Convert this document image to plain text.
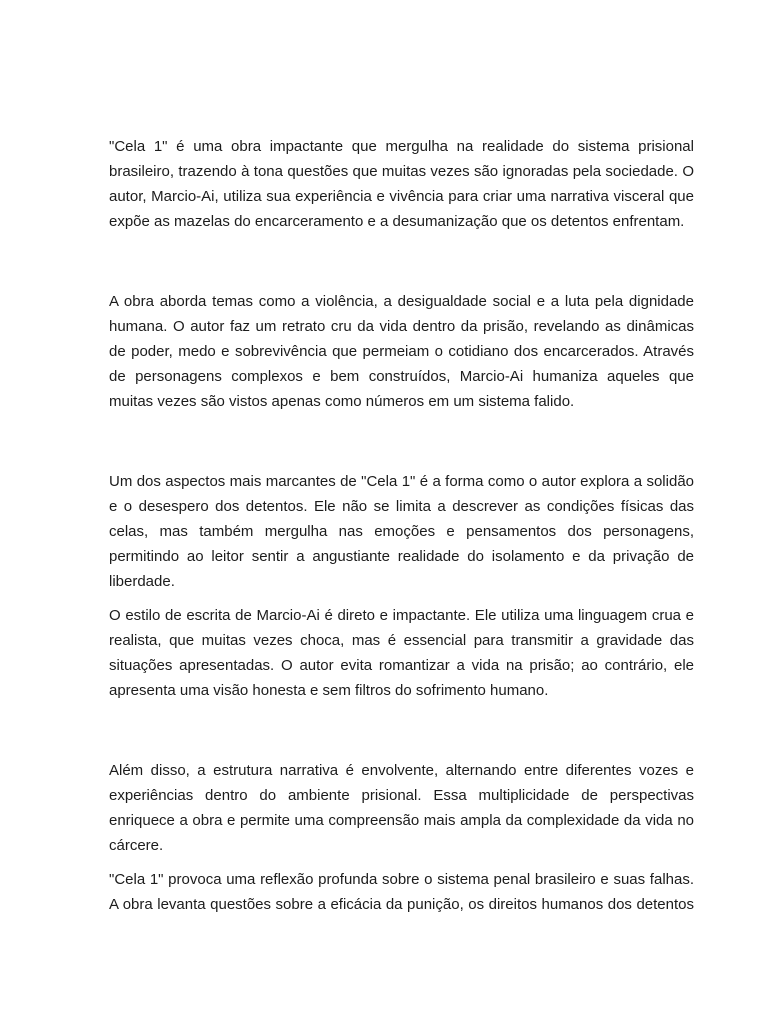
"Cela 1" é uma obra impactante que mergulha na realidade do sistema prisional brasileiro, trazendo à tona questões que muitas vezes são ignoradas pela sociedade. O autor, Marcio-Ai, utiliza sua experiência e vivência para criar uma narrativa visceral que expõe as mazelas do encarceramento e a desumanização que os detentos enfrentam.

A obra aborda temas como a violência, a desigualdade social e a luta pela dignidade humana. O autor faz um retrato cru da vida dentro da prisão, revelando as dinâmicas de poder, medo e sobrevivência que permeiam o cotidiano dos encarcerados. Através de personagens complexos e bem construídos, Marcio-Ai humaniza aqueles que muitas vezes são vistos apenas como números em um sistema falido.

Um dos aspectos mais marcantes de "Cela 1" é a forma como o autor explora a solidão e o desespero dos detentos. Ele não se limita a descrever as condições físicas das celas, mas também mergulha nas emoções e pensamentos dos personagens, permitindo ao leitor sentir a angustiante realidade do isolamento e da privação de liberdade.

O estilo de escrita de Marcio-Ai é direto e impactante. Ele utiliza uma linguagem crua e realista, que muitas vezes choca, mas é essencial para transmitir a gravidade das situações apresentadas. O autor evita romantizar a vida na prisão; ao contrário, ele apresenta uma visão honesta e sem filtros do sofrimento humano.

Além disso, a estrutura narrativa é envolvente, alternando entre diferentes vozes e experiências dentro do ambiente prisional. Essa multiplicidade de perspectivas enriquece a obra e permite uma compreensão mais ampla da complexidade da vida no cárcere.

"Cela 1" provoca uma reflexão profunda sobre o sistema penal brasileiro e suas falhas. A obra levanta questões sobre a eficácia da punição, os direitos humanos dos detentos
